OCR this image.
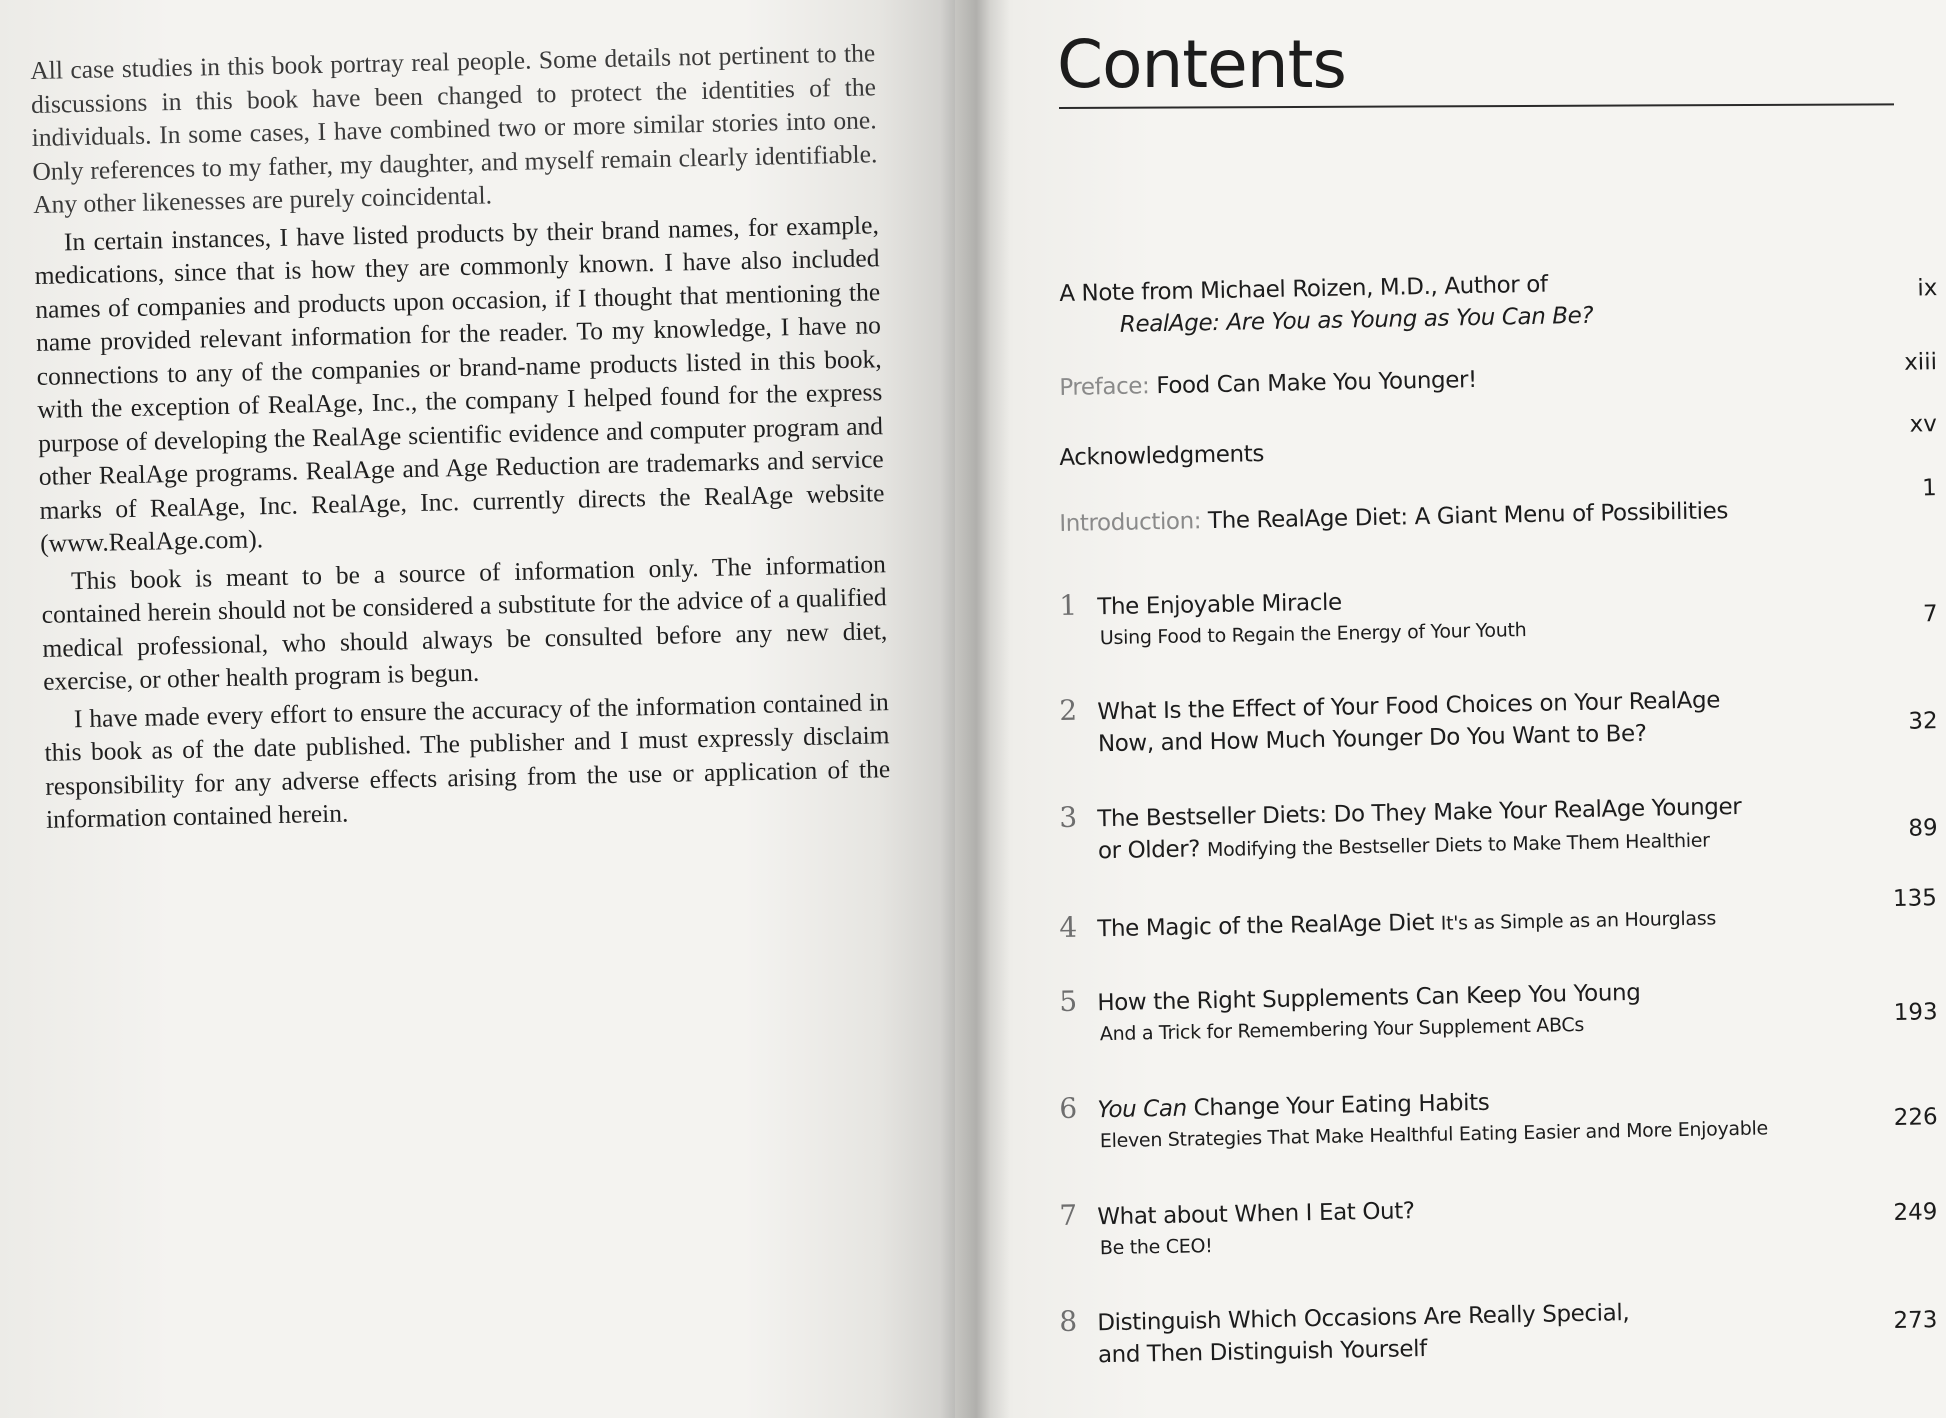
All case studies in this book portray real people. Some details not pertinent to the discussions in this book have been changed to protect the identities of the individuals. In some cases, I have combined two or more similar stories into one. Only references to my father, my daughter, and myself remain clearly identifiable. Any other likenesses are purely coincidental.

In certain instances, I have listed products by their brand names, for example, medications, since that is how they are commonly known. I have also included names of companies and products upon occasion, if I thought that mentioning the name provided relevant information for the reader. To my knowledge, I have no connections to any of the companies or brand-name products listed in this book, with the exception of RealAge, Inc., the company I helped found for the express purpose of developing the RealAge scientific evidence and computer program and other RealAge programs. RealAge and Age Reduction are trademarks and service marks of RealAge, Inc. RealAge, Inc. currently directs the RealAge website (www.RealAge.com).

This book is meant to be a source of information only. The information contained herein should not be considered a substitute for the advice of a qualified medical professional, who should always be consulted before any new diet, exercise, or other health program is begun.

I have made every effort to ensure the accuracy of the information contained in this book as of the date published. The publisher and I must expressly disclaim responsibility for any adverse effects arising from the use or application of the information contained herein.

Contents
A Note from Michael Roizen, M.D., Author of
RealAge: Are You as Young as You Can Be?
ix
Preface: Food Can Make You Younger!
xiii
Acknowledgments
xv
Introduction: The RealAge Diet: A Giant Menu of Possibilities
1
1 The Enjoyable Miracle
Using Food to Regain the Energy of Your Youth
7
2 What Is the Effect of Your Food Choices on Your RealAge
Now, and How Much Younger Do You Want to Be?	32
3 The Bestseller Diets: Do They Make Your RealAge Younger
or Older? Modifying the Bestseller Diets to Make Them Healthier
89
4 The Magic of the RealAge Diet It's as Simple as an Hourglass
135
5 How the Right Supplements Can Keep You Young
And a Trick for Remembering Your Supplement ABCs
193
6 You Can Change Your Eating Habits
Eleven Strategies That Make Healthful Eating Easier and More Enjoyable	226
7 What about When I Eat Out?
Be the CEO!
249
8 Distinguish Which Occasions Are Really Special,
and Then Distinguish Yourself
273
